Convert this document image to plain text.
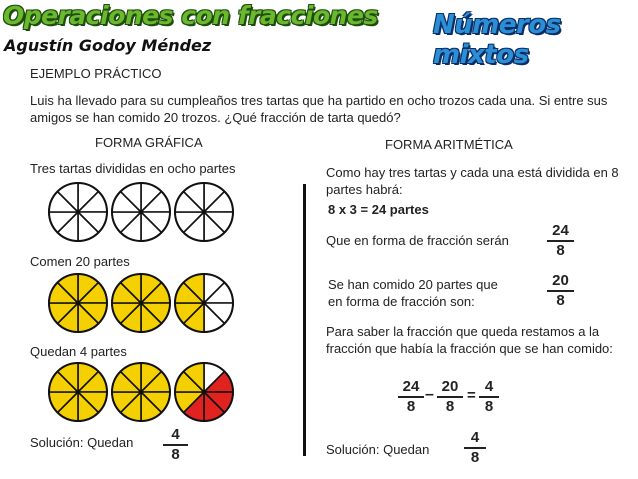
Operaciones con fracciones
Agustín Godoy Méndez
Números mixtos
EJEMPLO PRÁCTICO
Luis ha llevado para su cumpleaños tres tartas que ha partido en ocho trozos cada una. Si entre sus amigos se han comido 20 trozos. ¿Qué fracción de tarta quedó?
FORMA GRÁFICA
Tres tartas divididas en ocho partes
Comen 20 partes
Quedan 4 partes
Solución: Quedan	4
8
FORMA ARITMÉTICA
Como hay tres tartas y cada una está dividida en 8 partes habrá:
8 x 3 = 24 partes
Que en forma de fracción serán
24
8
Se han comido 20 partes que en forma de fracción son:
20
8
Para saber la fracción que queda restamos a la fracción que había la fracción que se han comido:
24
8
– 20
8
=
4
8
Solución: Quedan
4
8
